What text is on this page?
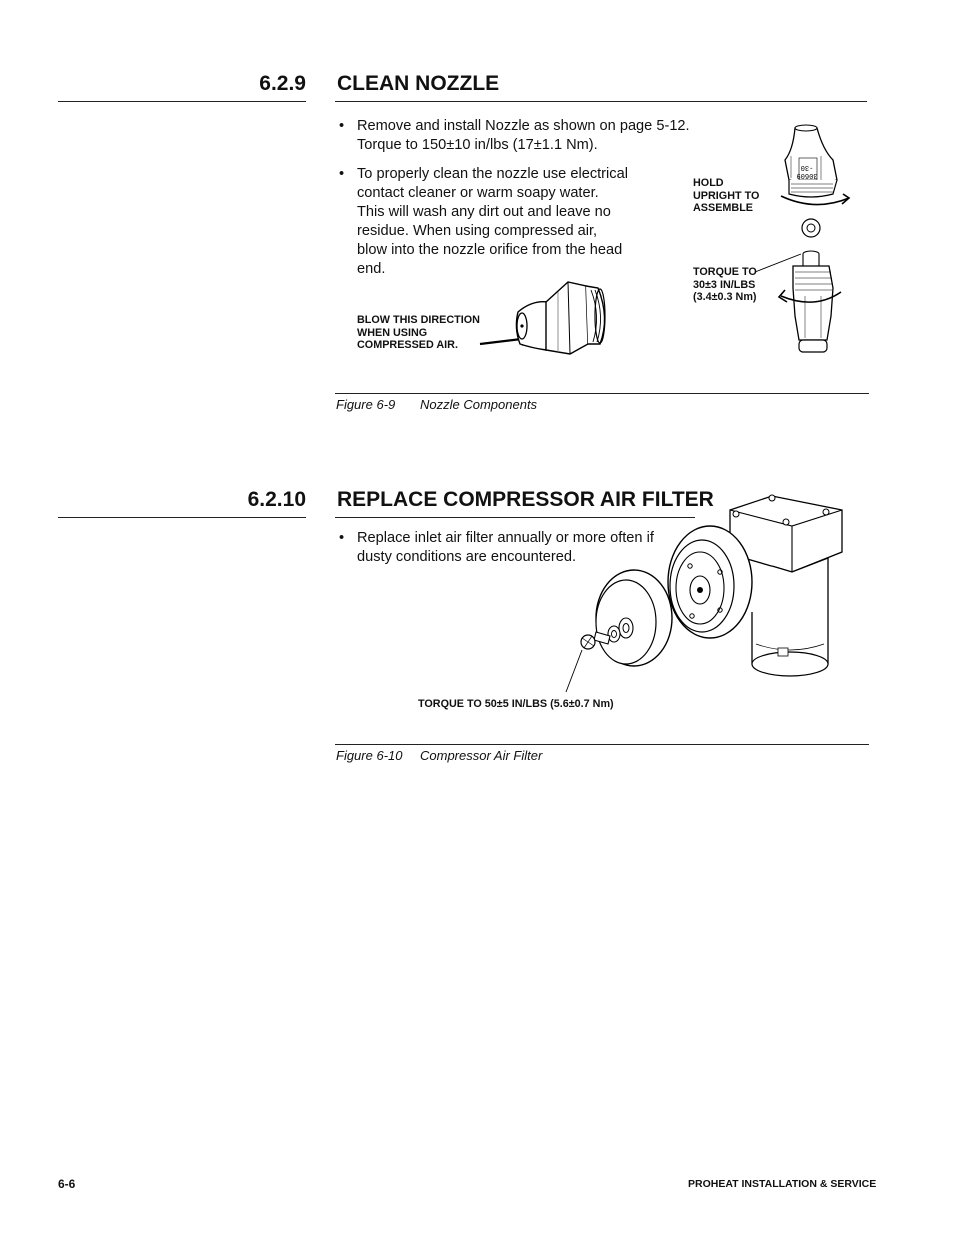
6.2.9 CLEAN NOZZLE
• Remove and install Nozzle as shown on page 5-12. Torque to 150±10 in/lbs (17±1.1 Nm).
• To properly clean the nozzle use electrical contact cleaner or warm soapy water. This will wash any dirt out and leave no residue. When using compressed air, blow into the nozzle orifice from the head end.
BLOW THIS DIRECTION
WHEN USING
COMPRESSED AIR.
HOLD
UPRIGHT TO
ASSEMBLE
TORQUE TO
30±3 IN/LBS
(3.4±0.3 Nm)
30609
-30
Figure 6-9 Nozzle Components
6.2.10 REPLACE COMPRESSOR AIR FILTER
• Replace inlet air filter annually or more often if dusty conditions are encountered.
TORQUE TO 50±5 IN/LBS (5.6±0.7 Nm)
Figure 6-10 Compressor Air Filter
6-6	PROHEAT INSTALLATION & SERVICE
